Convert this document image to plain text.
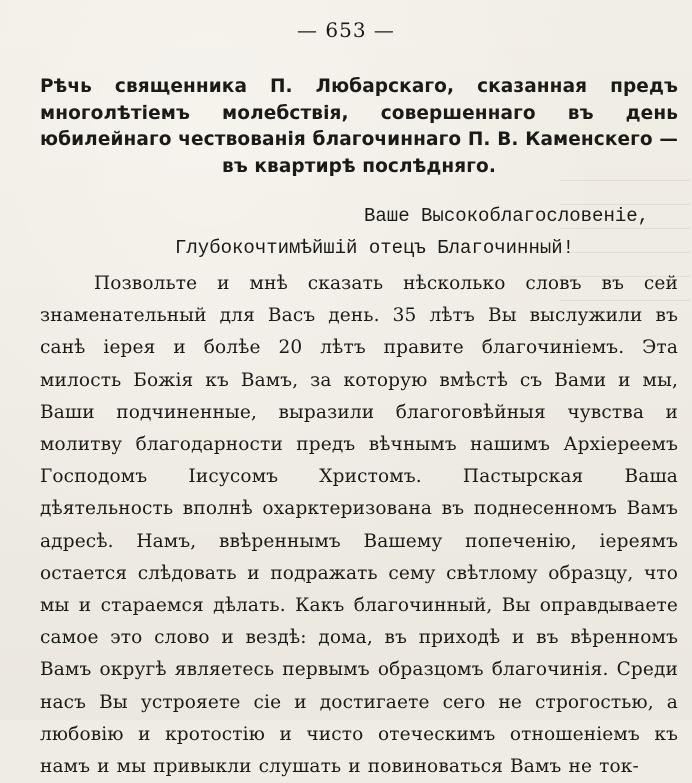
— 653 —

Рѣчь священника П. Любарскаго, сказанная предъ многолѣтіемъ молебствія, совершеннаго въ день юбилейнаго чествованія благочиннаго П. В. Каменскего — въ квартирѣ послѣдняго.

Ваше Высокоблагословеніе,
Глубокочтимѣйшій отецъ Благочинный!

Позвольте и мнѣ сказать нѣсколько словъ въ сей знаменательный для Васъ день. 35 лѣтъ Вы выслужили въ санѣ іерея и болѣе 20 лѣтъ правите благочиніемъ. Эта милость Божія къ Вамъ, за которую вмѣстѣ съ Вами и мы, Ваши подчиненные, выразили благоговѣйныя чувства и молитву благодарности предъ вѣчнымъ нашимъ Архіереемъ Господомъ Іисусомъ Христомъ. Пастырская Ваша дѣятельность вполнѣ охарктеризована въ поднесенномъ Вамъ адресѣ. Намъ, ввѣреннымъ Вашему попеченію, іереямъ остается слѣдовать и подражать сему свѣтлому образцу, что мы и стараемся дѣлать. Какъ благочинный, Вы оправдываете самое это слово и вездѣ: дома, въ приходѣ и въ вѣренномъ Вамъ округѣ являетесь первымъ образцомъ благочинія. Среди насъ Вы устрояете сіе и достигаете сего не строгостью, а любовію и кротостію и чисто отеческимъ отношеніемъ къ намъ и мы привыкли слушать и повиноваться Вамъ не ток-
